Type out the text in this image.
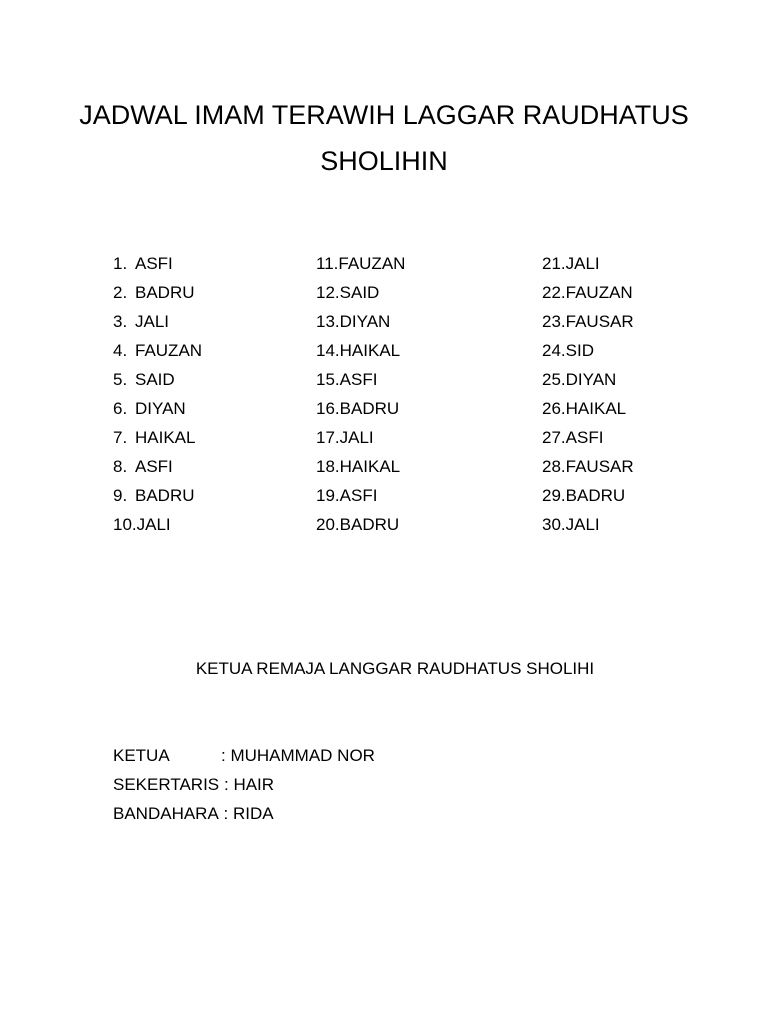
JADWAL IMAM TERAWIH LAGGAR RAUDHATUS SHOLIHIN
1. ASFI
2. BADRU
3. JALI
4. FAUZAN
5. SAID
6. DIYAN
7. HAIKAL
8. ASFI
9. BADRU
10.JALI
11.FAUZAN
12.SAID
13.DIYAN
14.HAIKAL
15.ASFI
16.BADRU
17.JALI
18.HAIKAL
19.ASFI
20.BADRU
21.JALI
22.FAUZAN
23.FAUSAR
24.SID
25.DIYAN
26.HAIKAL
27.ASFI
28.FAUSAR
29.BADRU
30.JALI

KETUA REMAJA LANGGAR RAUDHATUS SHOLIHI

KETUA	: MUHAMMAD NOR
SEKERTARIS : HAIR
BANDAHARA : RIDA
